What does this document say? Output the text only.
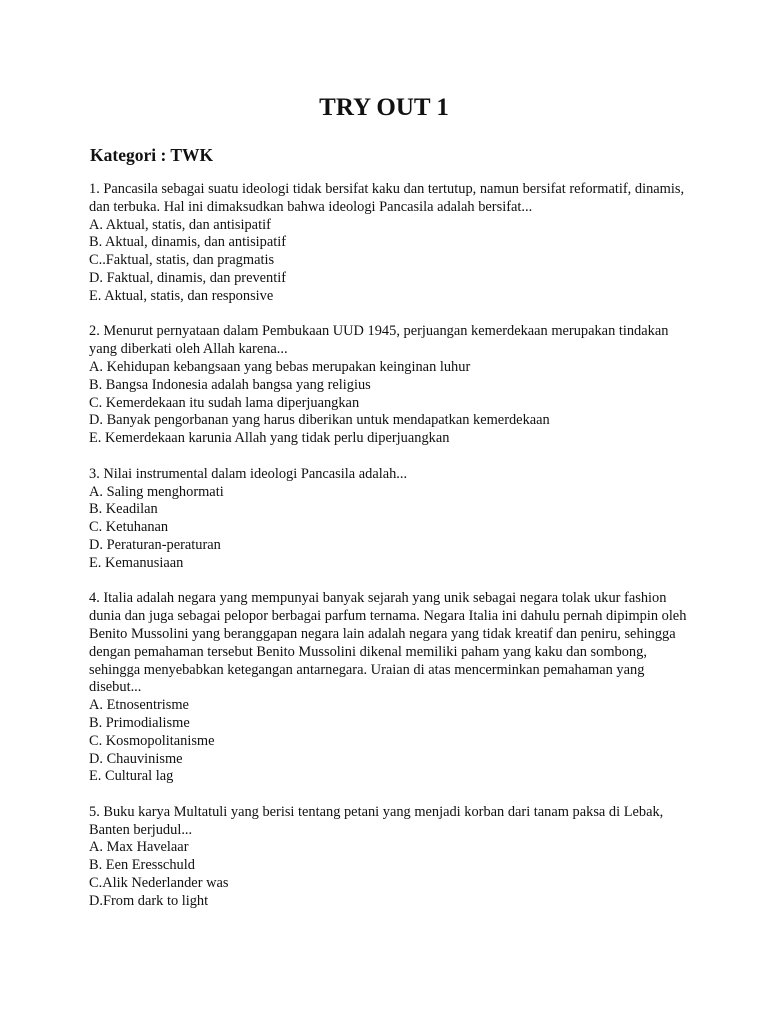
TRY OUT 1
Kategori : TWK
1. Pancasila sebagai suatu ideologi tidak bersifat kaku dan tertutup, namun bersifat reformatif, dinamis, dan terbuka. Hal ini dimaksudkan bahwa ideologi Pancasila adalah bersifat...
A. Aktual, statis, dan antisipatif
B. Aktual, dinamis, dan antisipatif
C..Faktual, statis, dan pragmatis
D. Faktual, dinamis, dan preventif
E. Aktual, statis, dan responsive
2. Menurut pernyataan dalam Pembukaan UUD 1945, perjuangan kemerdekaan merupakan tindakan yang diberkati oleh Allah karena...
A. Kehidupan kebangsaan yang bebas merupakan keinginan luhur
B. Bangsa Indonesia adalah bangsa yang religius
C. Kemerdekaan itu sudah lama diperjuangkan
D. Banyak pengorbanan yang harus diberikan untuk mendapatkan kemerdekaan
E. Kemerdekaan karunia Allah yang tidak perlu diperjuangkan
3. Nilai instrumental dalam ideologi Pancasila adalah...
A. Saling menghormati
B. Keadilan
C. Ketuhanan
D. Peraturan-peraturan
E. Kemanusiaan
4. Italia adalah negara yang mempunyai banyak sejarah yang unik sebagai negara tolak ukur fashion dunia dan juga sebagai pelopor berbagai parfum ternama. Negara Italia ini dahulu pernah dipimpin oleh Benito Mussolini yang beranggapan negara lain adalah negara yang tidak kreatif dan peniru, sehingga dengan pemahaman tersebut Benito Mussolini dikenal memiliki paham yang kaku dan sombong, sehingga menyebabkan ketegangan antarnegara. Uraian di atas mencerminkan pemahaman yang disebut...
A. Etnosentrisme
B. Primodialisme
C. Kosmopolitanisme
D. Chauvinisme
E. Cultural lag
5. Buku karya Multatuli yang berisi tentang petani yang menjadi korban dari tanam paksa di Lebak, Banten berjudul...
A. Max Havelaar
B. Een Eresschuld
C.Alik Nederlander was
D.From dark to light
